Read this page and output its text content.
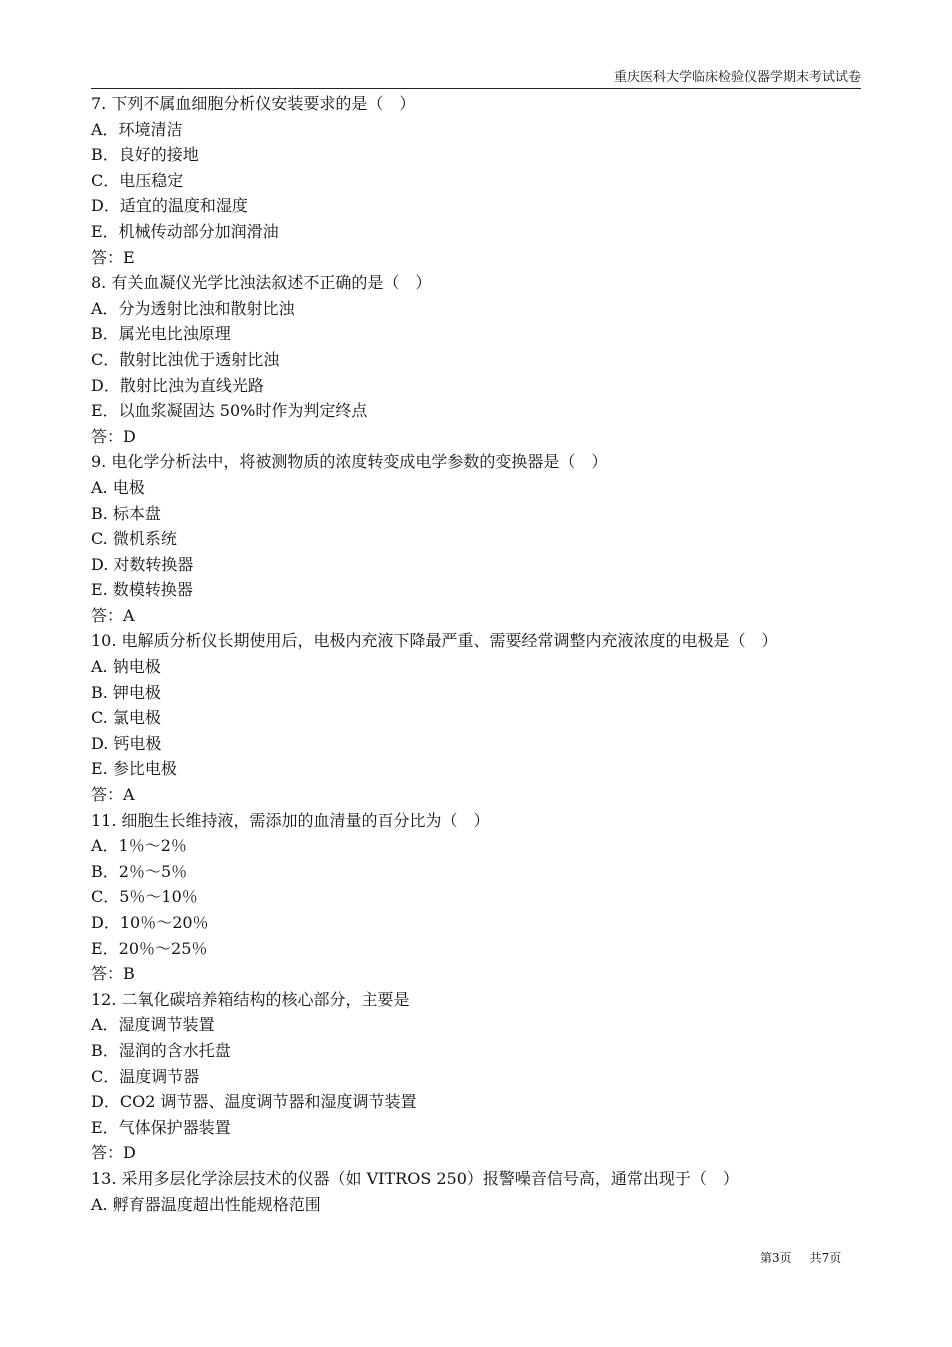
重庆医科大学临床检验仪器学期末考试试卷
7. 下列不属血细胞分析仪安装要求的是（　）
A．环境清洁
B．良好的接地
C．电压稳定
D．适宜的温度和湿度
E．机械传动部分加润滑油
答：E
8. 有关血凝仪光学比浊法叙述不正确的是（　）
A．分为透射比浊和散射比浊
B．属光电比浊原理
C．散射比浊优于透射比浊
D．散射比浊为直线光路
E．以血浆凝固达 50%时作为判定终点
答：D
9. 电化学分析法中，将被测物质的浓度转变成电学参数的变换器是（　）
A. 电极
B. 标本盘
C. 微机系统
D. 对数转换器
E. 数模转换器
答：A
10. 电解质分析仪长期使用后，电极内充液下降最严重、需要经常调整内充液浓度的电极是（　）
A. 钠电极
B. 钾电极
C. 氯电极
D. 钙电极
E. 参比电极
答：A
11. 细胞生长维持液，需添加的血清量的百分比为（　）
A．1％～2％
B．2％～5％
C．5％～10％
D．10％～20％
E．20％～25％
答：B
12. 二氧化碳培养箱结构的核心部分，主要是
A．湿度调节装置
B．湿润的含水托盘
C．温度调节器
D．CO2 调节器、温度调节器和湿度调节装置
E．气体保护器装置
答：D
13. 采用多层化学涂层技术的仪器（如 VITROS 250）报警噪音信号高，通常出现于（　）
A. 孵育器温度超出性能规格范围
第3页 共7页
